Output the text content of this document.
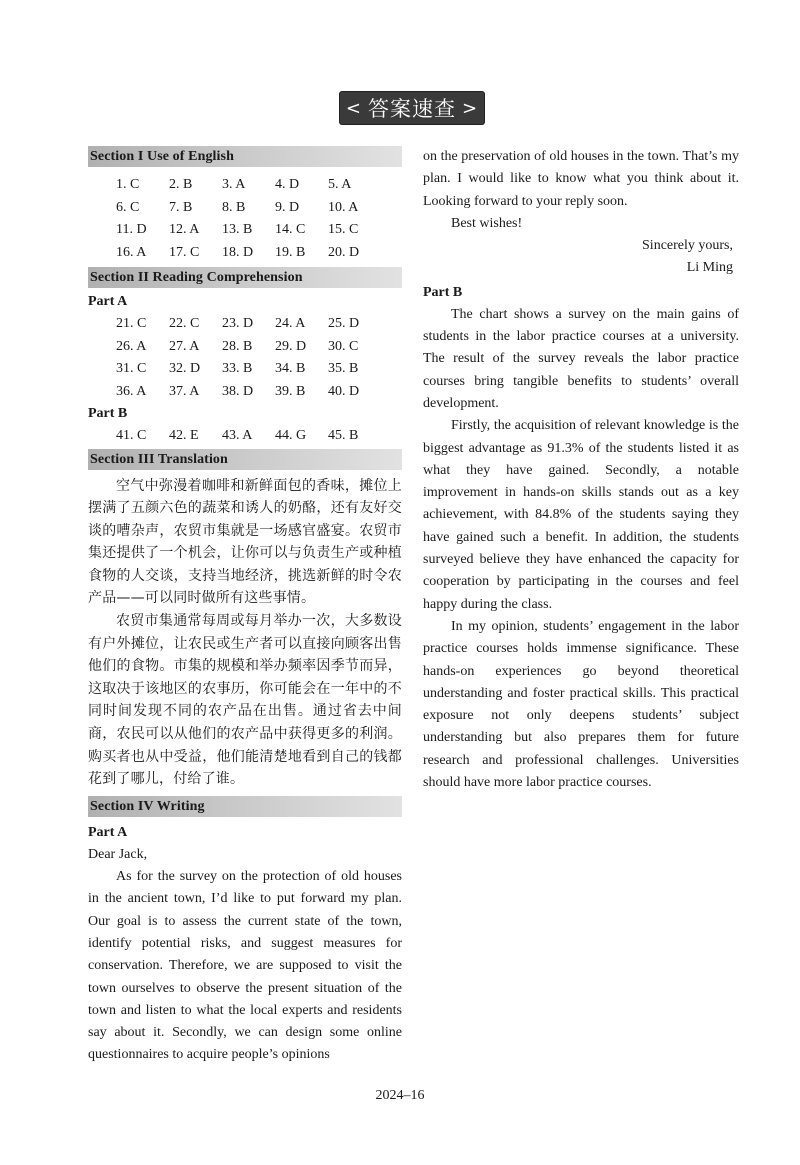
< 答案速查 >
Section I Use of English
1. C	2. B	3. A	4. D	5. A
6. C	7. B	8. B	9. D	10. A
11. D	12. A	13. B	14. C	15. C
16. A	17. C	18. D	19. B	20. D
Section II Reading Comprehension
Part A
21. C	22. C	23. D	24. A	25. D
26. A	27. A	28. B	29. D	30. C
31. C	32. D	33. B	34. B	35. B
36. A	37. A	38. D	39. B	40. D
Part B
41. C	42. E	43. A	44. G	45. B
Section III Translation

空气中弥漫着咖啡和新鲜面包的香味，摊位上摆满了五颜六色的蔬菜和诱人的奶酪，还有友好交谈的嘈杂声，农贸市集就是一场感官盛宴。农贸市集还提供了一个机会，让你可以与负责生产或种植食物的人交谈，支持当地经济，挑选新鲜的时令农产品——可以同时做所有这些事情。

农贸市集通常每周或每月举办一次，大多数设有户外摊位，让农民或生产者可以直接向顾客出售他们的食物。市集的规模和举办频率因季节而异，这取决于该地区的农事历，你可能会在一年中的不同时间发现不同的农产品在出售。通过省去中间商，农民可以从他们的农产品中获得更多的利润。购买者也从中受益，他们能清楚地看到自己的钱都花到了哪儿，付给了谁。

Section IV Writing
Part A

Dear Jack,

As for the survey on the protection of old houses in the ancient town, I’d like to put forward my plan. Our goal is to assess the current state of the town, identify potential risks, and suggest measures for conservation. Therefore, we are supposed to visit the town ourselves to observe the present situation of the town and listen to what the local experts and residents say about it. Secondly, we can design some online questionnaires to acquire people’s opinions

on the preservation of old houses in the town. That’s my plan. I would like to know what you think about it. Looking forward to your reply soon.

Best wishes!

Sincerely yours,

Li Ming

Part B

The chart shows a survey on the main gains of students in the labor practice courses at a university. The result of the survey reveals the labor practice courses bring tangible benefits to students’ overall development.

Firstly, the acquisition of relevant knowledge is the biggest advantage as 91.3% of the students listed it as what they have gained. Secondly, a notable improvement in hands-on skills stands out as a key achievement, with 84.8% of the students saying they have gained such a benefit. In addition, the students surveyed believe they have enhanced the capacity for cooperation by participating in the courses and feel happy during the class.

In my opinion, students’ engagement in the labor practice courses holds immense significance. These hands-on experiences go beyond theoretical understanding and foster practical skills. This practical exposure not only deepens students’ subject understanding but also prepares them for future research and professional challenges. Universities should have more labor practice courses.

2024–16
